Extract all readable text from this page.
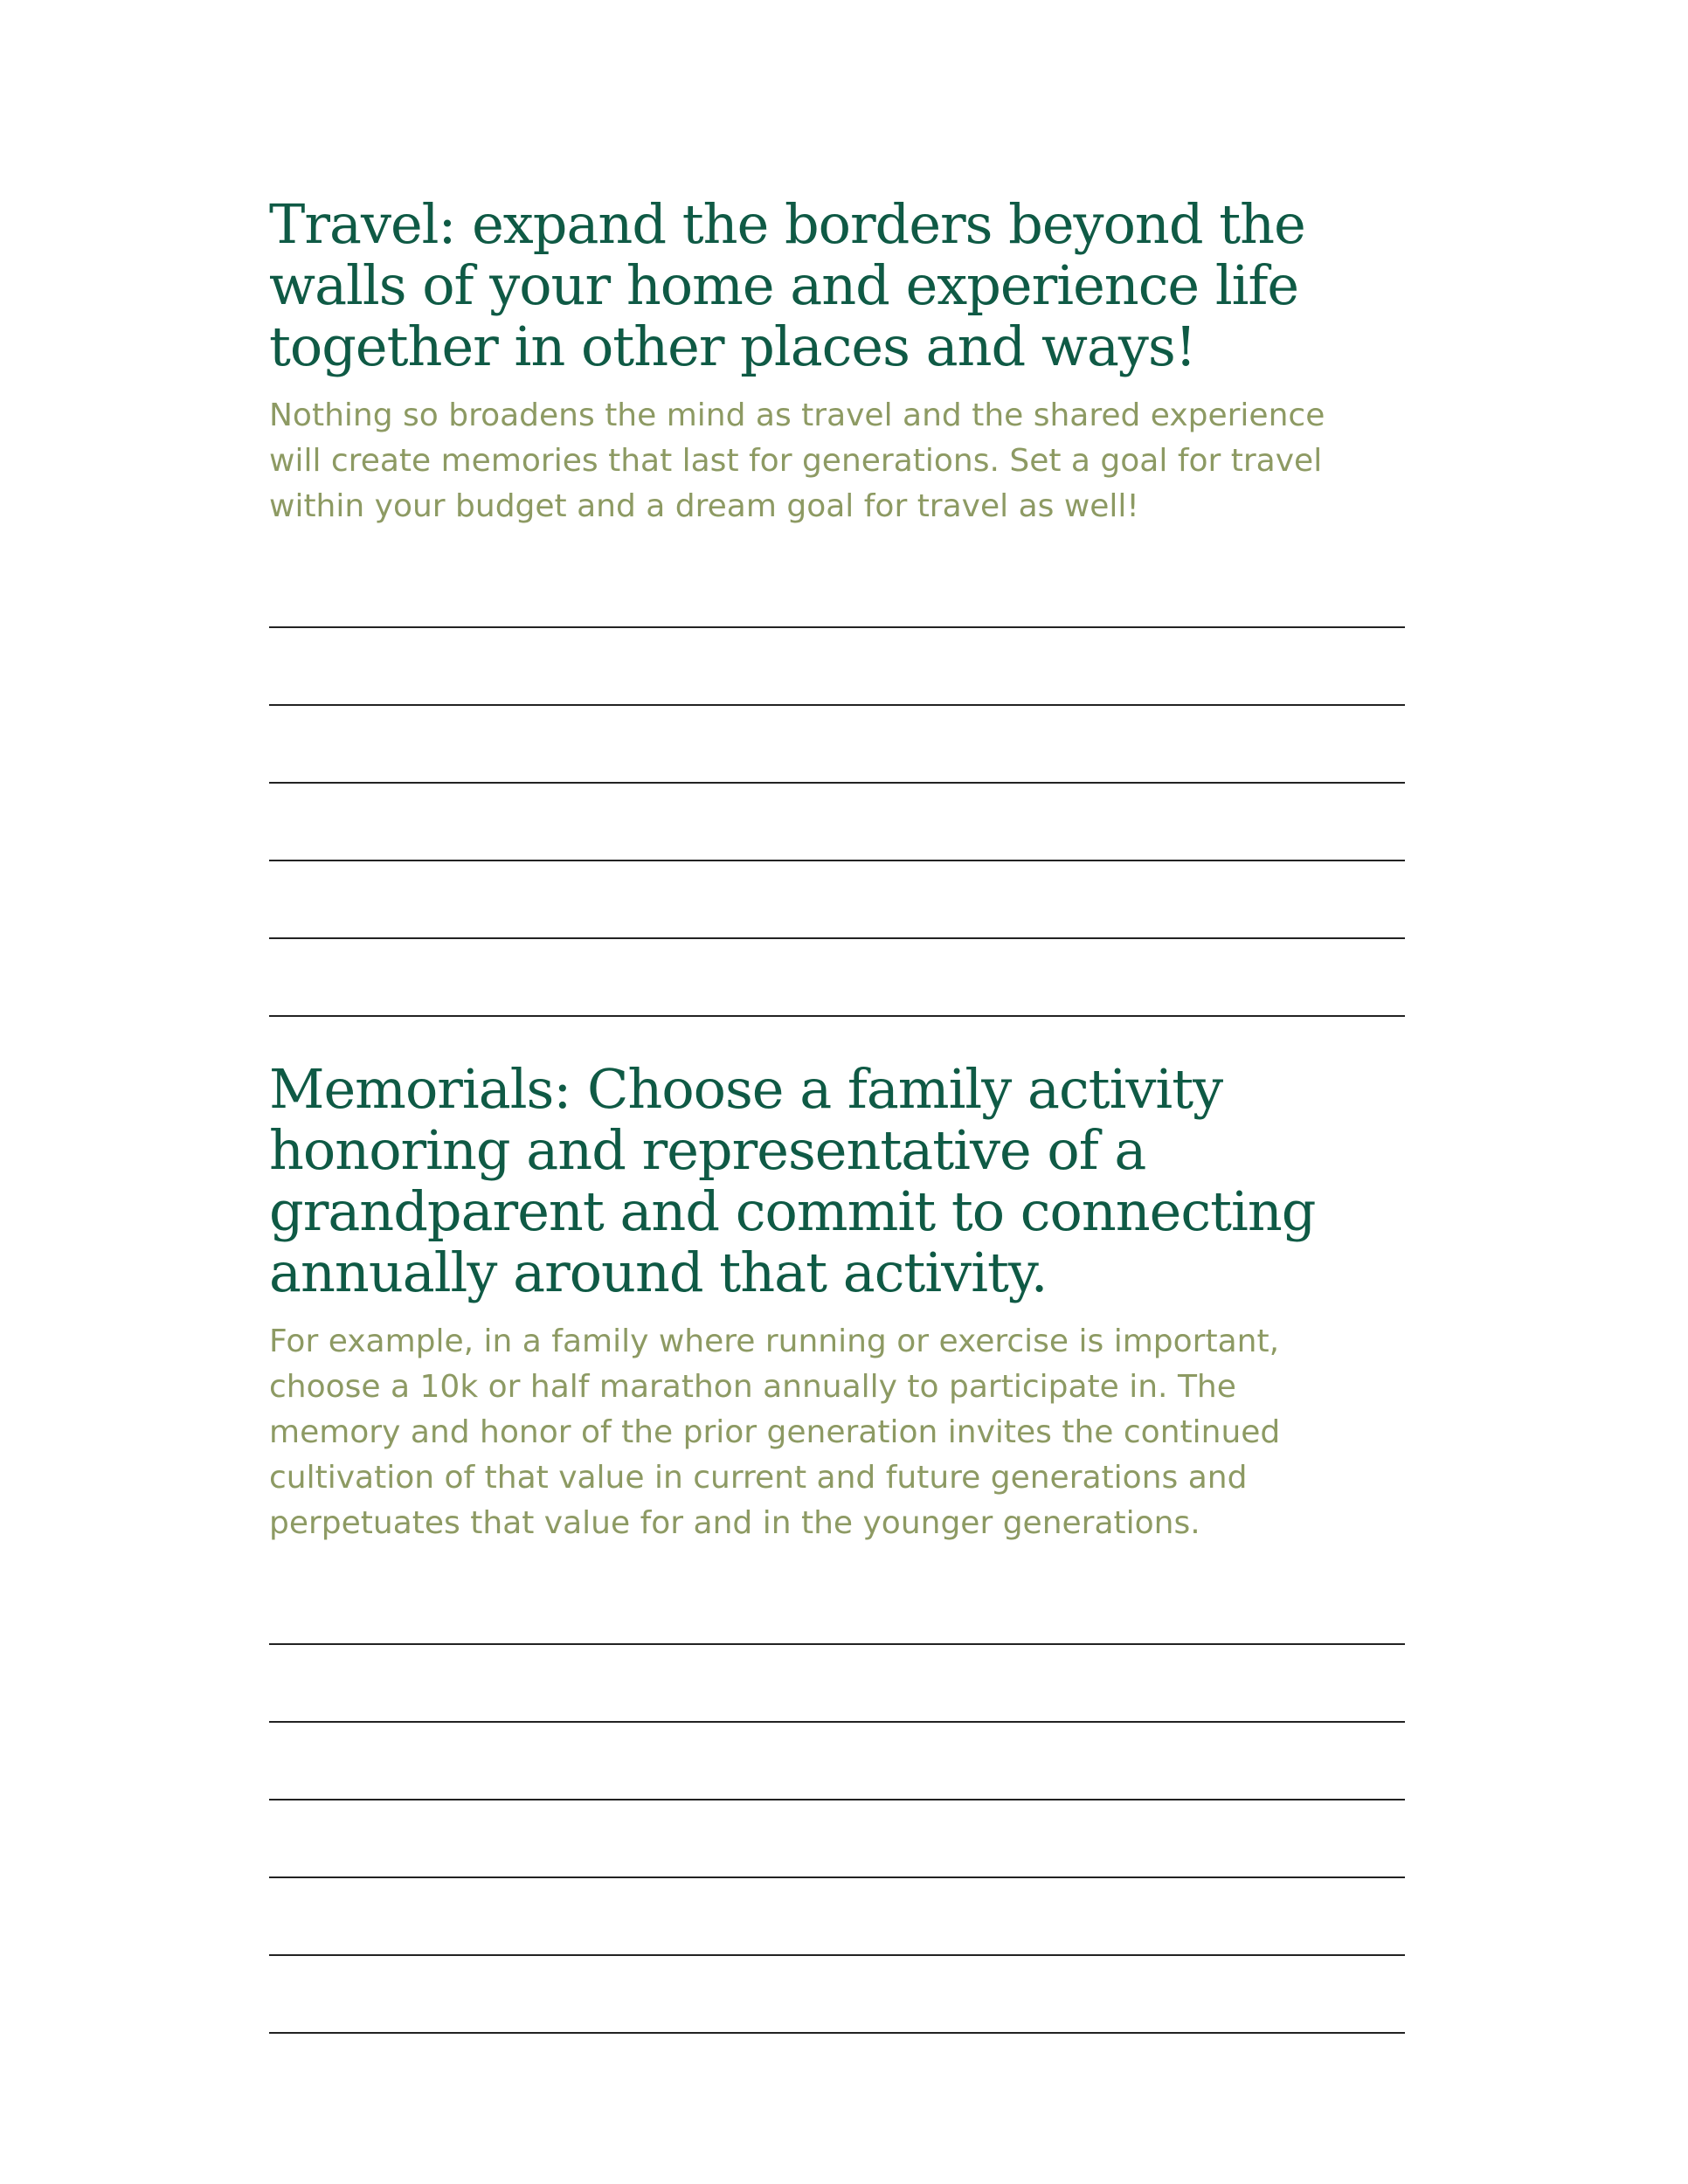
Travel: expand the borders beyond the
walls of your home and experience life
together in other places and ways!

Nothing so broadens the mind as travel and the shared experience
will create memories that last for generations. Set a goal for travel
within your budget and a dream goal for travel as well!

Memorials: Choose a family activity
honoring and representative of a
grandparent and commit to connecting
annually around that activity.

For example, in a family where running or exercise is important,
choose a 10k or half marathon annually to participate in. The
memory and honor of the prior generation invites the continued
cultivation of that value in current and future generations and
perpetuates that value for and in the younger generations.
